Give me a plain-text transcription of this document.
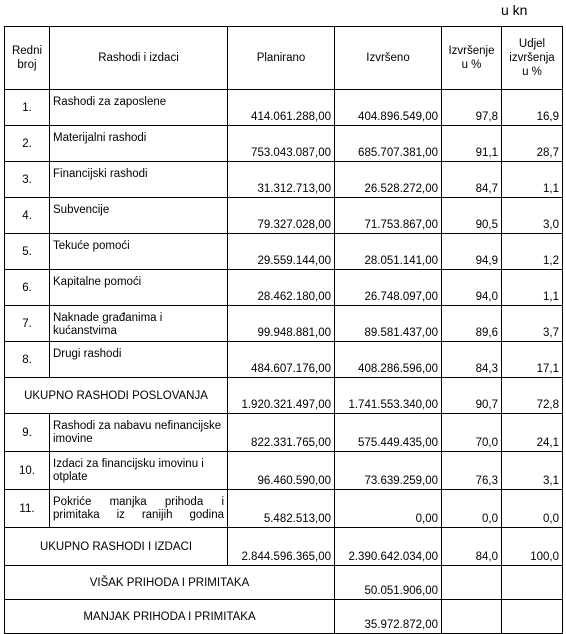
u kn
Redni broj	Rashodi i izdaci	Planirano	Izvršeno	Izvršenje u %	Udjel izvršenja u %
1.	Rashodi za zaposlene	414.061.288,00	404.896.549,00	97,8	16,9
2.	Materijalni rashodi	753.043.087,00	685.707.381,00	91,1	28,7
3.	Financijski rashodi	31.312.713,00	26.528.272,00	84,7	1,1
4.	Subvencije	79.327.028,00	71.753.867,00	90,5	3,0
5.	Tekuće pomoći	29.559.144,00	28.051.141,00	94,9	1,2
6.	Kapitalne pomoći	28.462.180,00	26.748.097,00	94,0	1,1
7.	Naknade građanima i kućanstvima	99.948.881,00	89.581.437,00	89,6	3,7
8.	Drugi rashodi	484.607.176,00	408.286.596,00	84,3	17,1
UKUPNO RASHODI POSLOVANJA		1.920.321.497,00	1.741.553.340,00	90,7	72,8
9.	Rashodi za nabavu nefinancijske imovine	822.331.765,00	575.449.435,00	70,0	24,1
10.	Izdaci za financijsku imovinu i otplate	96.460.590,00	73.639.259,00	76,3	3,1
11.	Pokriće manjka prihoda i primitaka iz ranijih godina	5.482.513,00	0,00	0,0	0,0
UKUPNO RASHODI I IZDACI		2.844.596.365,00	2.390.642.034,00	84,0	100,0
VIŠAK PRIHODA I PRIMITAKA			50.051.906,00		
MANJAK PRIHODA I PRIMITAKA			35.972.872,00		
